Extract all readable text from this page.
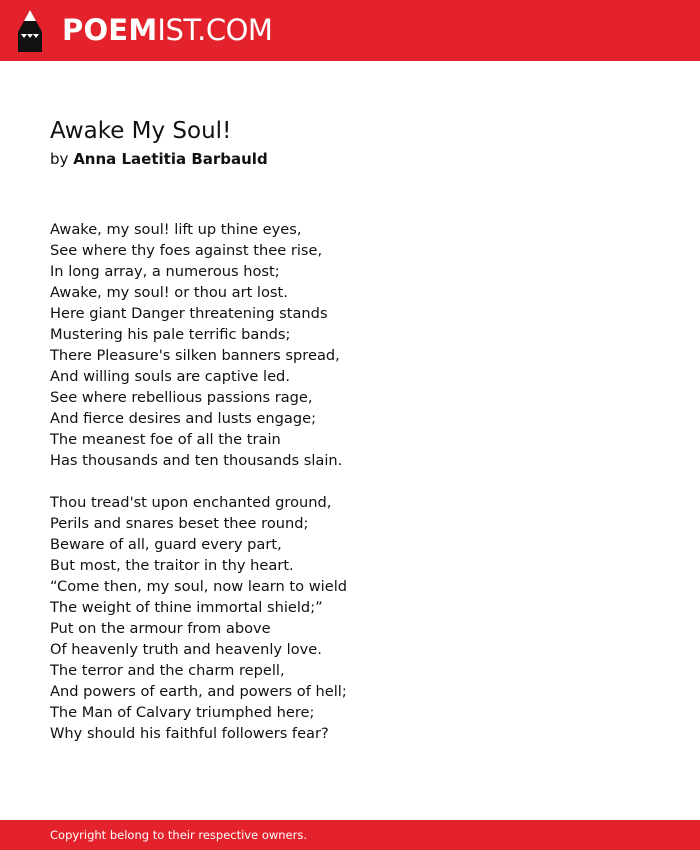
POEMIST.COM
Awake My Soul!
by Anna Laetitia Barbauld
Awake, my soul! lift up thine eyes,
See where thy foes against thee rise,
In long array, a numerous host;
Awake, my soul! or thou art lost.
Here giant Danger threatening stands
Mustering his pale terrific bands;
There Pleasure's silken banners spread,
And willing souls are captive led.
See where rebellious passions rage,
And fierce desires and lusts engage;
The meanest foe of all the train
Has thousands and ten thousands slain.
Thou tread'st upon enchanted ground,
Perils and snares beset thee round;
Beware of all, guard every part,
But most, the traitor in thy heart.
“Come then, my soul, now learn to wield
The weight of thine immortal shield;”
Put on the armour from above
Of heavenly truth and heavenly love.
The terror and the charm repell,
And powers of earth, and powers of hell;
The Man of Calvary triumphed here;
Why should his faithful followers fear?
Copyright belong to their respective owners.
